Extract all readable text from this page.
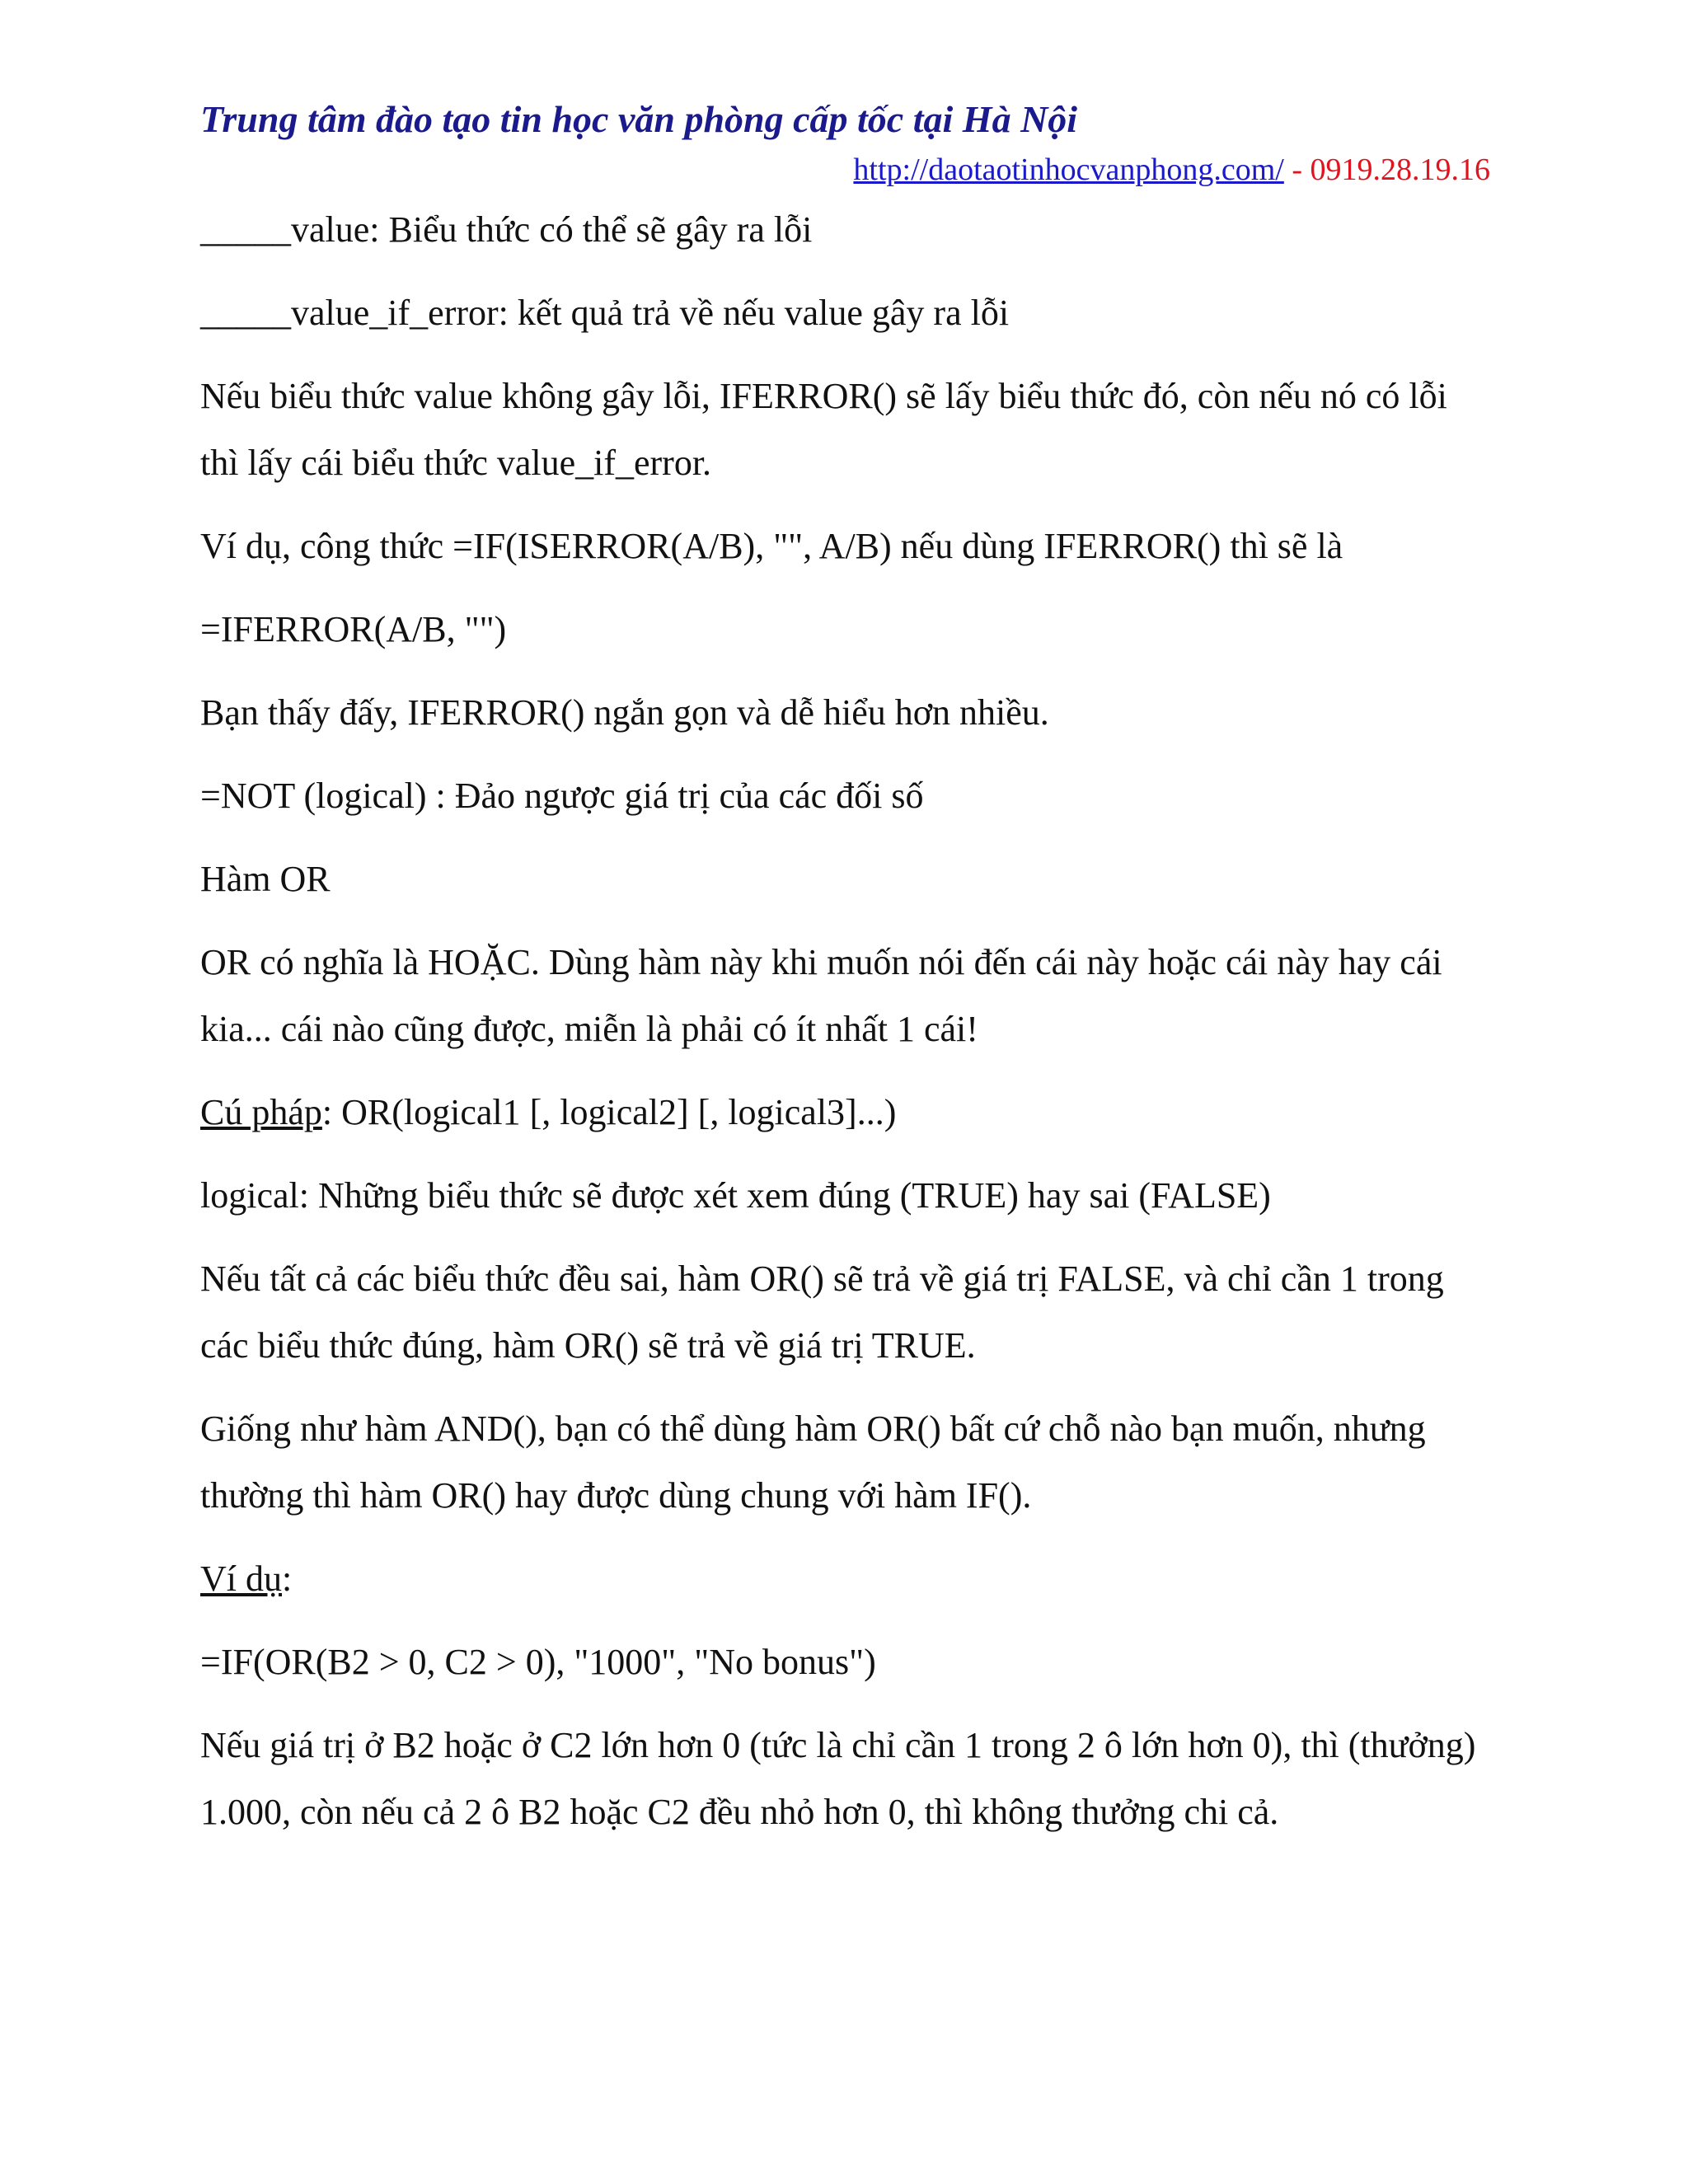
Trung tâm đào tạo tin học văn phòng cấp tốc tại Hà Nội
http://daotaotinhocvanphong.com/ - 0919.28.19.16

_____value: Biểu thức có thể sẽ gây ra lỗi

_____value_if_error: kết quả trả về nếu value gây ra lỗi

Nếu biểu thức value không gây lỗi, IFERROR() sẽ lấy biểu thức đó, còn nếu nó có lỗi thì lấy cái biểu thức value_if_error.

Ví dụ, công thức =IF(ISERROR(A/B), "", A/B) nếu dùng IFERROR() thì sẽ là

=IFERROR(A/B, "")

Bạn thấy đấy, IFERROR() ngắn gọn và dễ hiểu hơn nhiều.

=NOT (logical) : Đảo ngược giá trị của các đối số

Hàm OR

OR có nghĩa là HOẶC. Dùng hàm này khi muốn nói đến cái này hoặc cái này hay cái kia... cái nào cũng được, miễn là phải có ít nhất 1 cái!

Cú pháp: OR(logical1 [, logical2] [, logical3]...)

logical: Những biểu thức sẽ được xét xem đúng (TRUE) hay sai (FALSE)

Nếu tất cả các biểu thức đều sai, hàm OR() sẽ trả về giá trị FALSE, và chỉ cần 1 trong các biểu thức đúng, hàm OR() sẽ trả về giá trị TRUE.

Giống như hàm AND(), bạn có thể dùng hàm OR() bất cứ chỗ nào bạn muốn, nhưng thường thì hàm OR() hay được dùng chung với hàm IF().

Ví dụ:

=IF(OR(B2 > 0, C2 > 0), "1000", "No bonus")

Nếu giá trị ở B2 hoặc ở C2 lớn hơn 0 (tức là chỉ cần 1 trong 2 ô lớn hơn 0), thì (thưởng) 1.000, còn nếu cả 2 ô B2 hoặc C2 đều nhỏ hơn 0, thì không thưởng chi cả.
